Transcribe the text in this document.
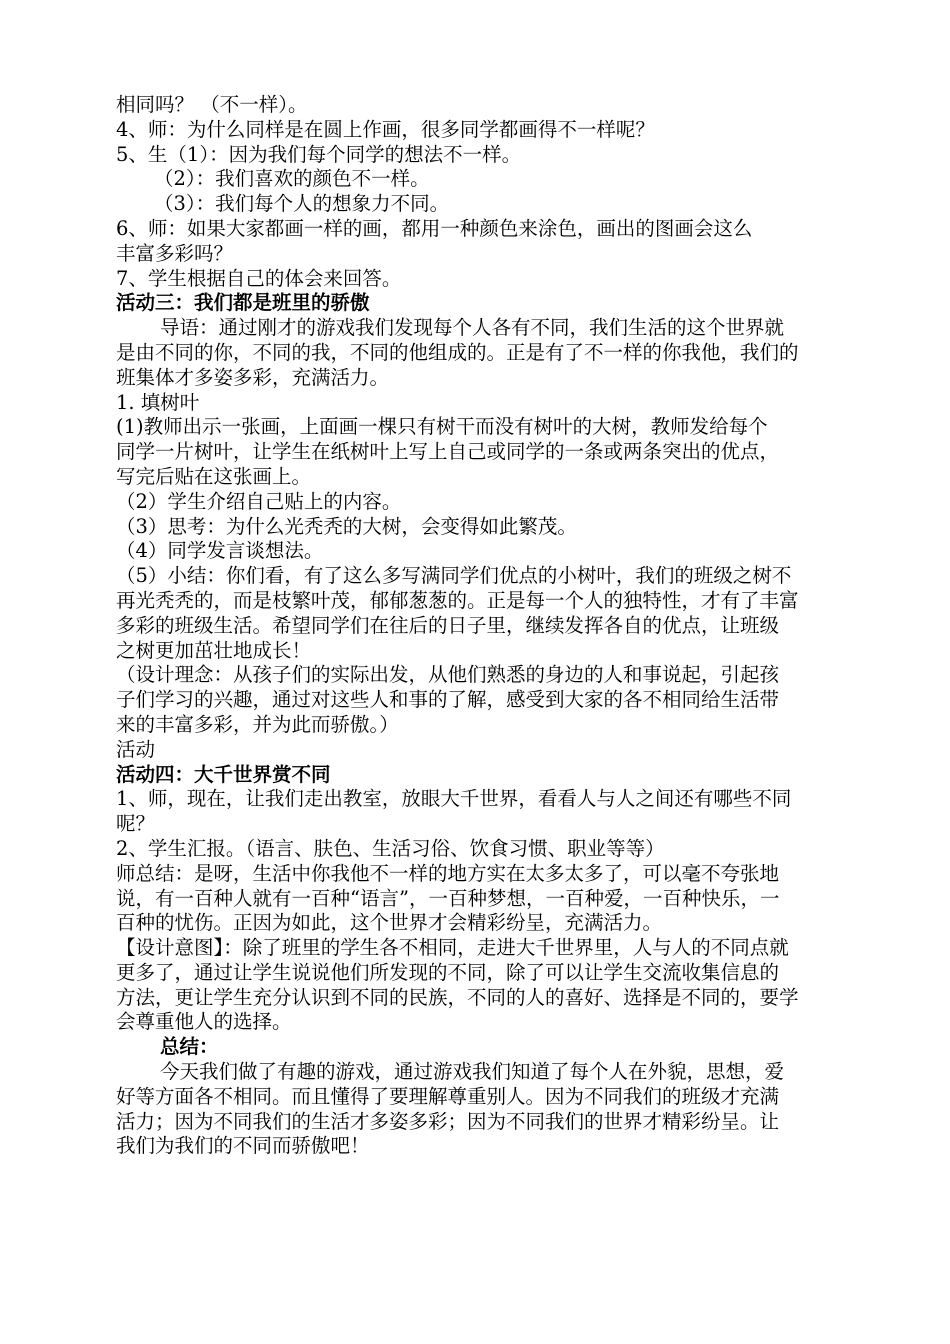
相同吗？ （不一样）。
4、师：为什么同样是在圆上作画，很多同学都画得不一样呢？
5、生（1）：因为我们每个同学的想法不一样。
（2）：我们喜欢的颜色不一样。
（3）：我们每个人的想象力不同。
6、师：如果大家都画一样的画，都用一种颜色来涂色，画出的图画会这么
丰富多彩吗？
7、学生根据自己的体会来回答。
活动三：我们都是班里的骄傲
导语：通过刚才的游戏我们发现每个人各有不同，我们生活的这个世界就
是由不同的你，不同的我，不同的他组成的。正是有了不一样的你我他，我们的
班集体才多姿多彩，充满活力。
1. 填树叶
(1)教师出示一张画，上面画一棵只有树干而没有树叶的大树，教师发给每个
同学一片树叶，让学生在纸树叶上写上自己或同学的一条或两条突出的优点，
写完后贴在这张画上。
（2）学生介绍自己贴上的内容。
（3）思考：为什么光秃秃的大树，会变得如此繁茂。
（4）同学发言谈想法。
（5）小结：你们看，有了这么多写满同学们优点的小树叶，我们的班级之树不
再光秃秃的，而是枝繁叶茂，郁郁葱葱的。正是每一个人的独特性，才有了丰富
多彩的班级生活。希望同学们在往后的日子里，继续发挥各自的优点，让班级
之树更加茁壮地成长！
（设计理念：从孩子们的实际出发，从他们熟悉的身边的人和事说起，引起孩
子们学习的兴趣，通过对这些人和事的了解，感受到大家的各不相同给生活带
来的丰富多彩，并为此而骄傲。）
活动
活动四：大千世界赏不同
1、师，现在，让我们走出教室，放眼大千世界，看看人与人之间还有哪些不同
呢？
2、学生汇报。（语言、肤色、生活习俗、饮食习惯、职业等等）
师总结：是呀，生活中你我他不一样的地方实在太多太多了，可以毫不夸张地
说，有一百种人就有一百种“语言”，一百种梦想，一百种爱，一百种快乐，一
百种的忧伤。正因为如此，这个世界才会精彩纷呈，充满活力。
【设计意图】：除了班里的学生各不相同，走进大千世界里，人与人的不同点就
更多了，通过让学生说说他们所发现的不同，除了可以让学生交流收集信息的
方法，更让学生充分认识到不同的民族，不同的人的喜好、选择是不同的，要学
会尊重他人的选择。
总结：
今天我们做了有趣的游戏，通过游戏我们知道了每个人在外貌，思想，爱
好等方面各不相同。而且懂得了要理解尊重别人。因为不同我们的班级才充满
活力；因为不同我们的生活才多姿多彩；因为不同我们的世界才精彩纷呈。让
我们为我们的不同而骄傲吧！
